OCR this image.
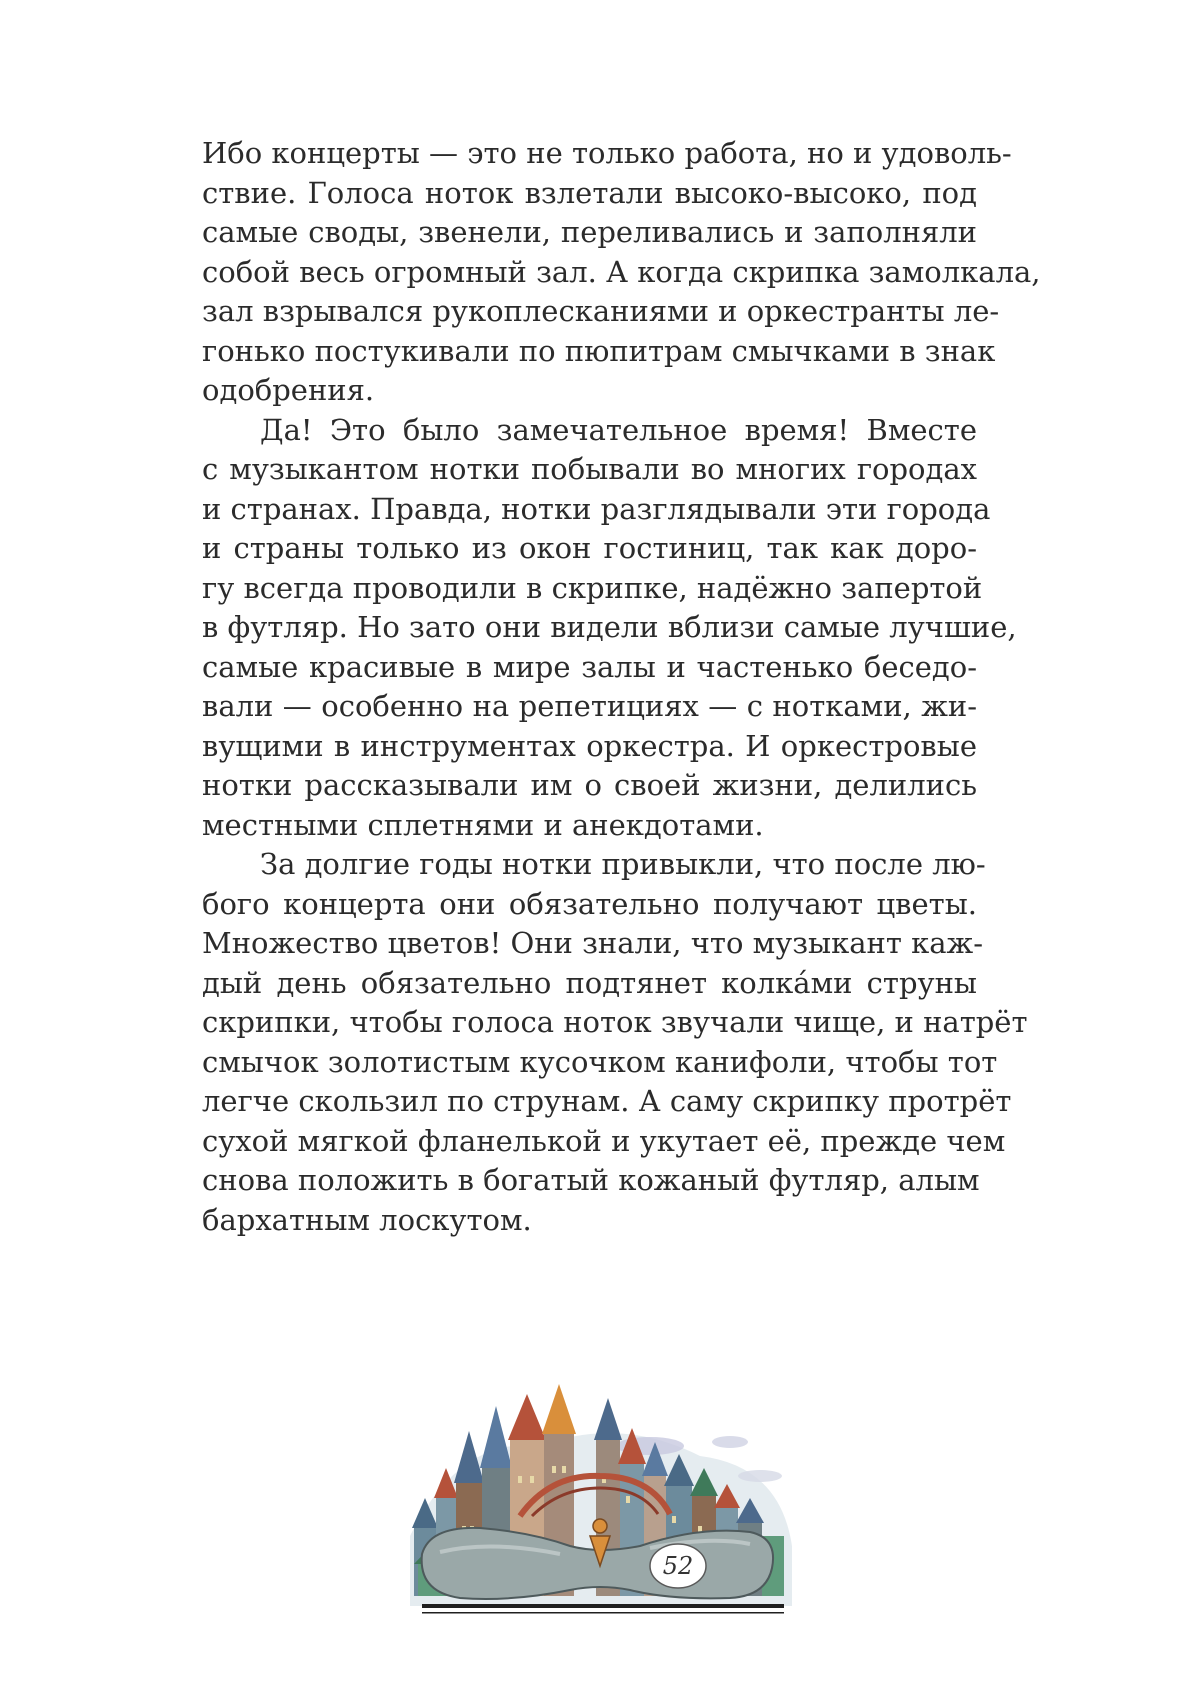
Ибо концерты — это не только работа, но и удоволь-
ствие. Голоса ноток взлетали высоко-высоко, под
самые своды, звенели, переливались и заполняли
собой весь огромный зал. А когда скрипка замолкала,
зал взрывался рукоплесканиями и оркестранты ле-
гонько постукивали по пюпитрам смычками в знак
одобрения.
Да! Это было замечательное время! Вместе
с музыкантом нотки побывали во многих городах
и странах. Правда, нотки разглядывали эти города
и страны только из окон гостиниц, так как доро-
гу всегда проводили в скрипке, надёжно запертой
в футляр. Но зато они видели вблизи самые лучшие,
самые красивые в мире залы и частенько беседо-
вали — особенно на репетициях — с нотками, жи-
вущими в инструментах оркестра. И оркестровые
нотки рассказывали им о своей жизни, делились
местными сплетнями и анекдотами.
За долгие годы нотки привыкли, что после лю-
бого концерта они обязательно получают цветы.
Множество цветов! Они знали, что музыкант каж-
дый день обязательно подтянет колка́ми струны
скрипки, чтобы голоса ноток звучали чище, и натрёт
смычок золотистым кусочком канифоли, чтобы тот
легче скользил по струнам. А саму скрипку протрёт
сухой мягкой фланелькой и укутает её, прежде чем
снова положить в богатый кожаный футляр, алым
бархатным лоскутом.
52
